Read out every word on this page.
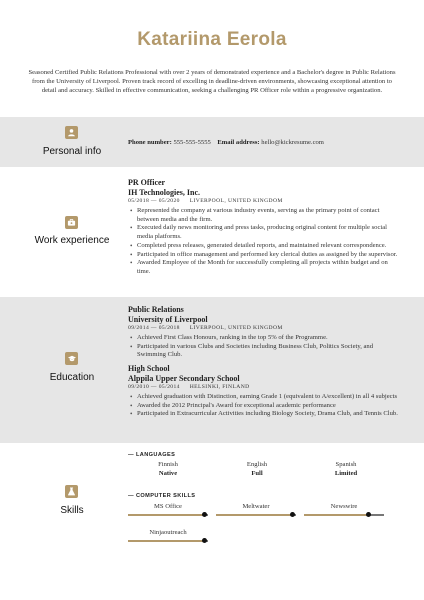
Katariina Eerola
Seasoned Certified Public Relations Professional with over 2 years of demonstrated experience and a Bachelor's degree in Public Relations from the University of Liverpool. Proven track record of excelling in deadline-driven environments, showcasing exceptional attention to detail and accuracy. Skilled in effective communication, seeking a challenging PR Officer role within a progressive organization.
Personal info
Phone number: 555-555-5555 Email address: hello@kickresume.com
Work experience
PR Officer
IH Technologies, Inc.
05/2018 — 05/2020 LIVERPOOL, UNITED KINGDOM
• Represented the company at various industry events, serving as the primary point of contact between media and the firm.
• Executed daily news monitoring and press tasks, producing original content for multiple social media platforms.
• Completed press releases, generated detailed reports, and maintained relevant correspondence.
• Participated in office management and performed key clerical duties as assigned by the supervisor.
• Awarded Employee of the Month for successfully completing all projects within budget and on time.
Education
Public Relations
University of Liverpool
09/2014 — 05/2018 LIVERPOOL, UNITED KINGDOM
• Achieved First Class Honours, ranking in the top 5% of the Programme.
• Participated in various Clubs and Societies including Business Club, Politics Society, and Swimming Club.
High School
Alppila Upper Secondary School
09/2010 — 05/2014 HELSINKI, FINLAND
• Achieved graduation with Distinction, earning Grade 1 (equivalent to A/excellent) in all 4 subjects
• Awarded the 2012 Principal's Award for exceptional academic performance
• Participated in Extracurricular Activities including Biology Society, Drama Club, and Tennis Club.
Skills
— LANGUAGES
Finnish
Native
English
Full
Spanish
Limited
— COMPUTER SKILLS
MS Office	Meltwater	Newswire
Ninjaoutreach
